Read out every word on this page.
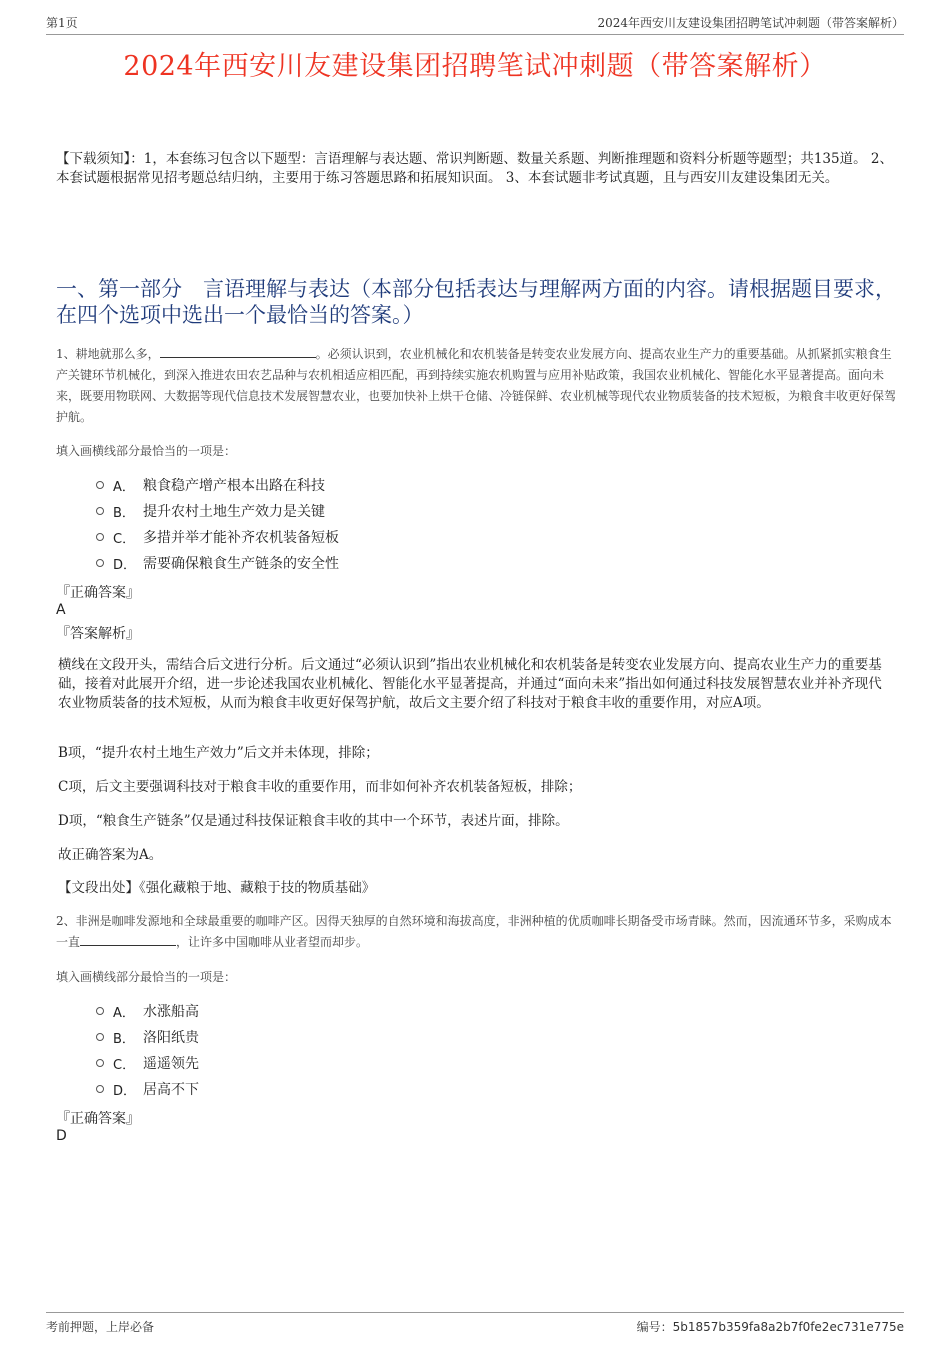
第1页	2024年西安川友建设集团招聘笔试冲刺题（带答案解析）
2024年西安川友建设集团招聘笔试冲刺题（带答案解析）
【下载须知】：1，本套练习包含以下题型：言语理解与表达题、常识判断题、数量关系题、判断推理题和资料分析题等题型；共135道。 2、本套试题根据常见招考题总结归纳，主要用于练习答题思路和拓展知识面。 3、本套试题非考试真题，且与西安川友建设集团无关。
一、第一部分　言语理解与表达（本部分包括表达与理解两方面的内容。请根据题目要求，在四个选项中选出一个最恰当的答案。）
1、耕地就那么多，	。必须认识到，农业机械化和农机装备是转变农业发展方向、提高农业生产力的重要基础。从抓紧抓实粮食生产关键环节机械化，到深入推进农田农艺品种与农机相适应相匹配，再到持续实施农机购置与应用补贴政策，我国农业机械化、智能化水平显著提高。面向未来，既要用物联网、大数据等现代信息技术发展智慧农业，也要加快补上烘干仓储、冷链保鲜、农业机械等现代农业物质装备的技术短板，为粮食丰收更好保驾护航。
填入画横线部分最恰当的一项是：
A． 粮食稳产增产根本出路在科技
B． 提升农村土地生产效力是关键
C． 多措并举才能补齐农机装备短板
D． 需要确保粮食生产链条的安全性
『正确答案』
A
『答案解析』
横线在文段开头，需结合后文进行分析。后文通过“必须认识到”指出农业机械化和农机装备是转变农业发展方向、提高农业生产力的重要基础，接着对此展开介绍，进一步论述我国农业机械化、智能化水平显著提高，并通过“面向未来”指出如何通过科技发展智慧农业并补齐现代农业物质装备的技术短板，从而为粮食丰收更好保驾护航，故后文主要介绍了科技对于粮食丰收的重要作用，对应A项。
B项，“提升农村土地生产效力”后文并未体现，排除；
C项，后文主要强调科技对于粮食丰收的重要作用，而非如何补齐农机装备短板，排除；
D项，“粮食生产链条”仅是通过科技保证粮食丰收的其中一个环节，表述片面，排除。
故正确答案为A。
【文段出处】《强化藏粮于地、藏粮于技的物质基础》
2、非洲是咖啡发源地和全球最重要的咖啡产区。因得天独厚的自然环境和海拔高度，非洲种植的优质咖啡长期备受市场青睐。然而，因流通环节多，采购成本一直	，让许多中国咖啡从业者望而却步。
填入画横线部分最恰当的一项是：
A． 水涨船高
B． 洛阳纸贵
C． 遥遥领先
D． 居高不下
『正确答案』
D
考前押题，上岸必备	编号：5b1857b359fa8a2b7f0fe2ec731e775e
